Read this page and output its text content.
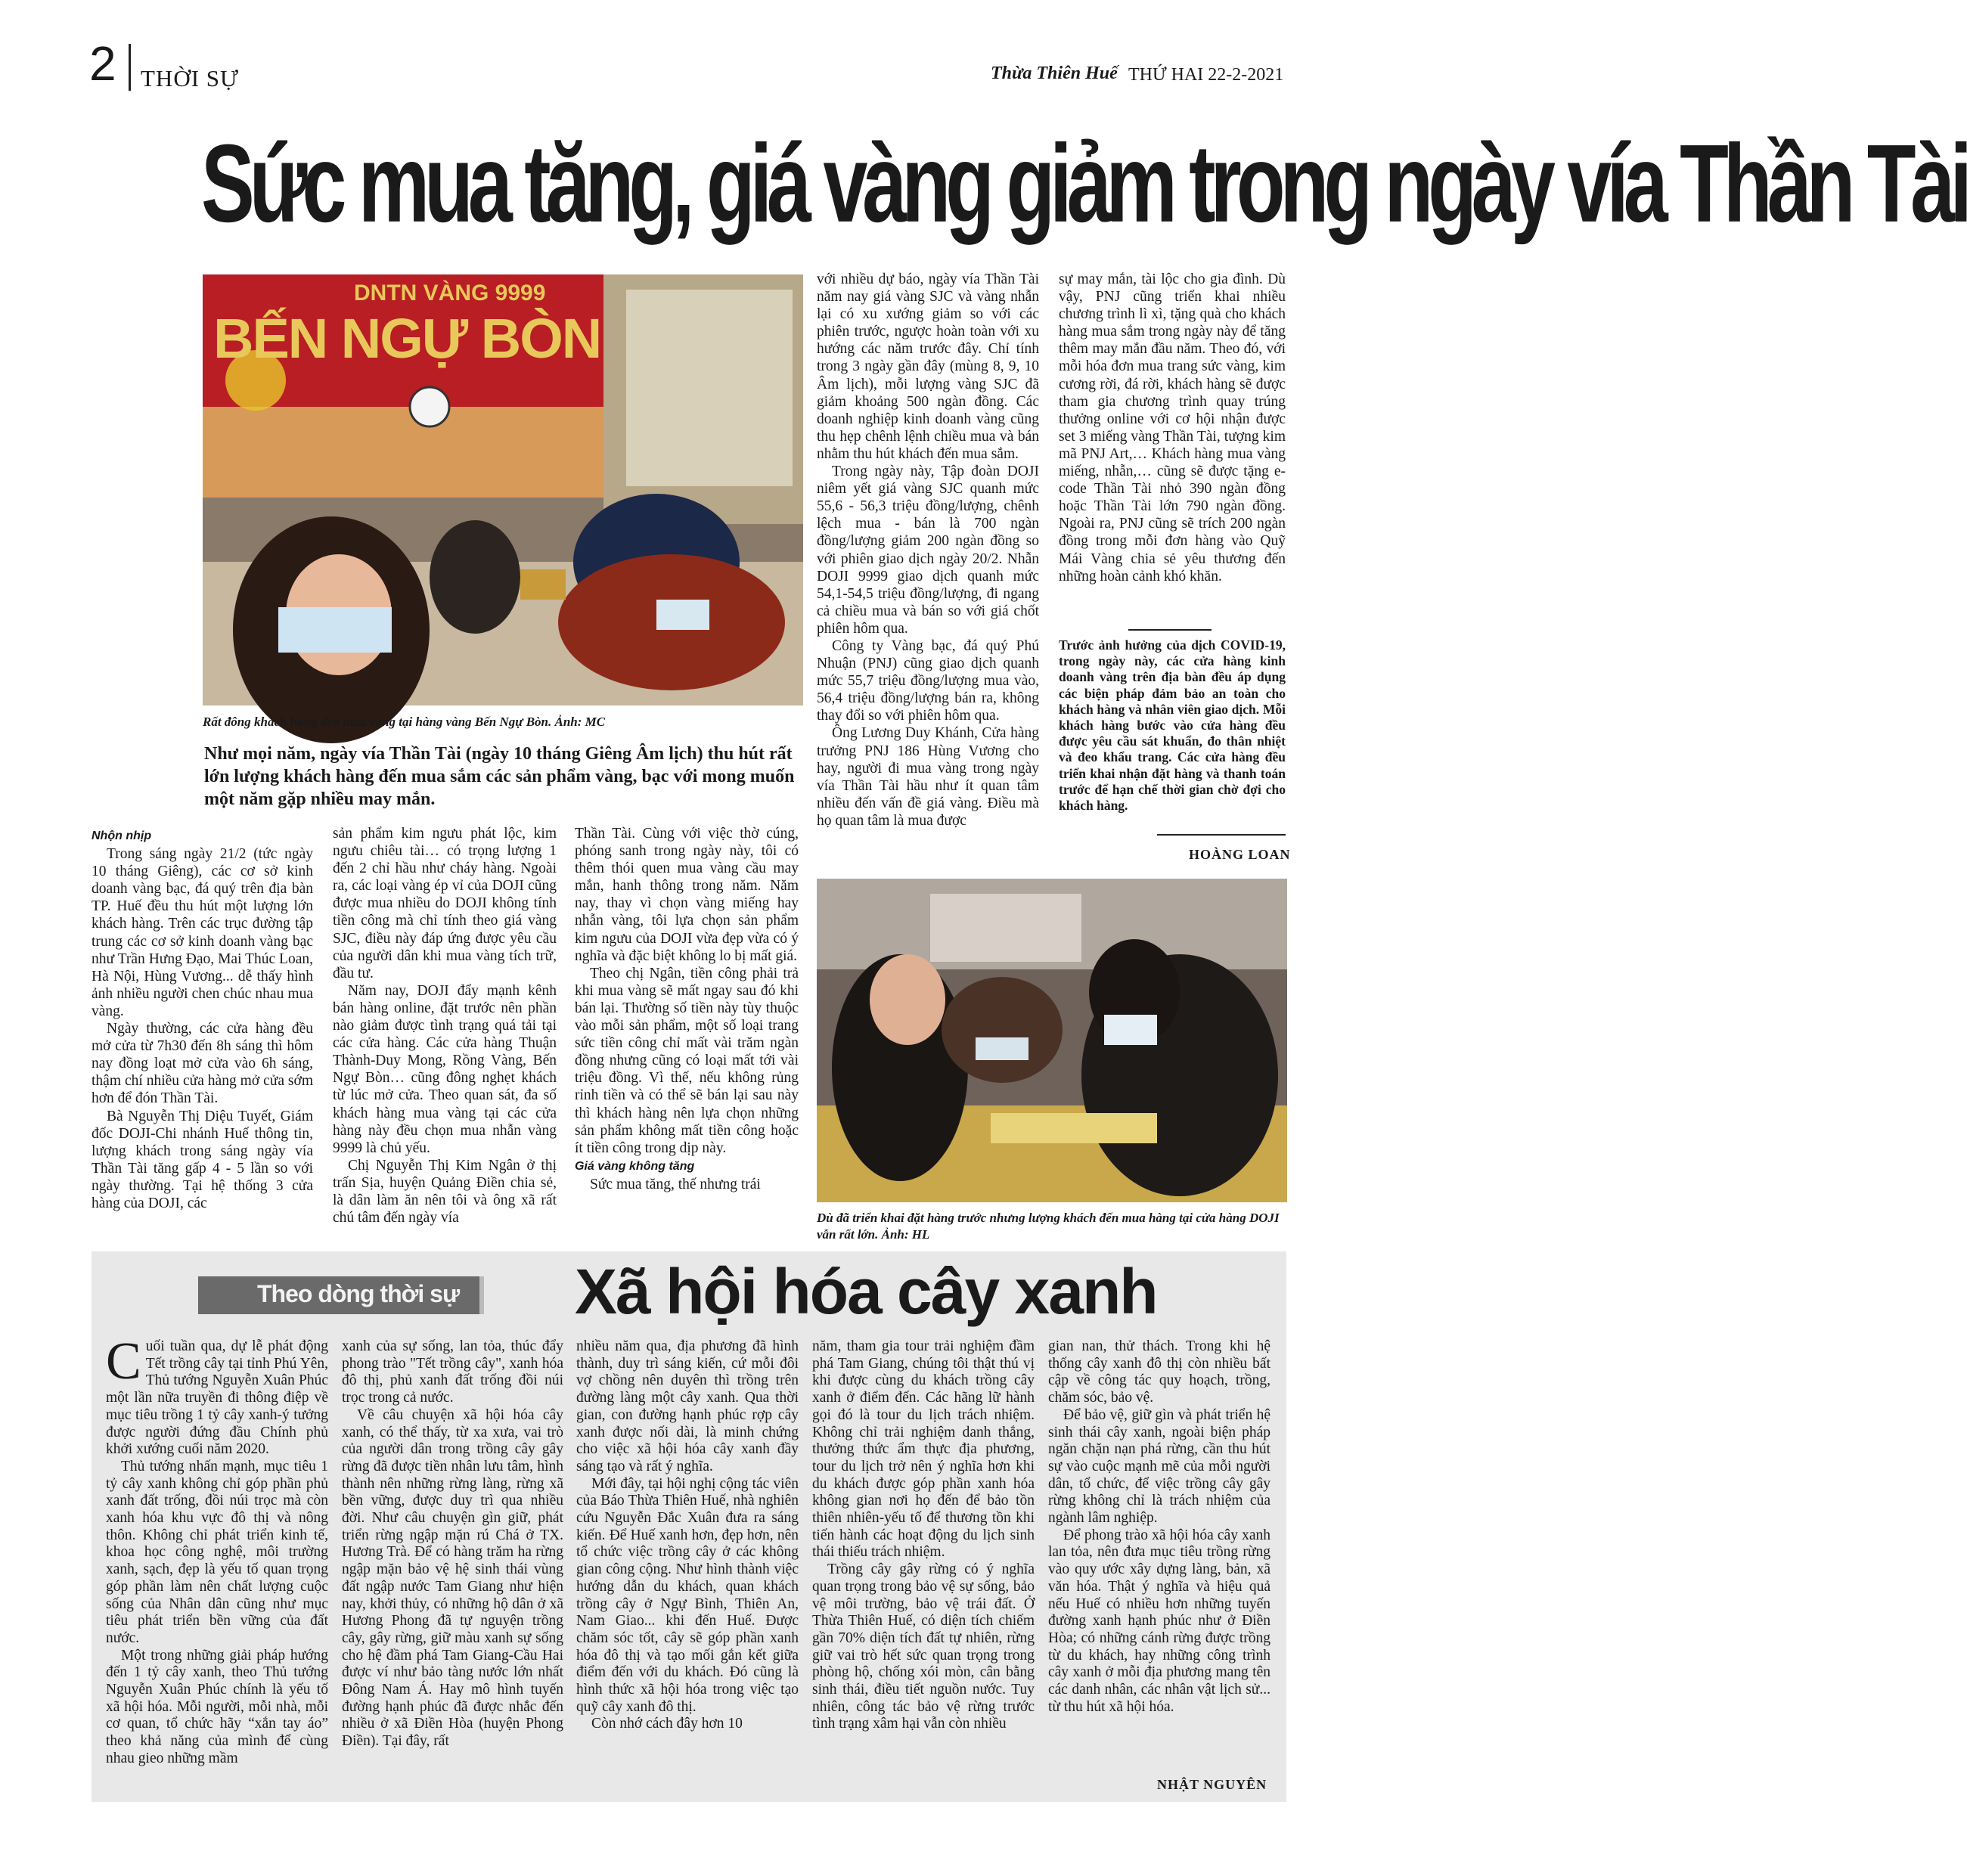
2 THỜI SỰ	Thừa Thiên Huế THỨ HAI 22-2-2021
Sức mua tăng, giá vàng giảm trong ngày vía Thần Tài
DNTN VÀNG 9999
BẾN NGỰ BÒN
Rất đông khách hàng đến mua vàng tại hàng vàng Bến Ngự Bòn. Ảnh: MC
Như mọi năm, ngày vía Thần Tài (ngày 10 tháng Giêng Âm lịch) thu hút rất lớn lượng khách hàng đến mua sắm các sản phẩm vàng, bạc với mong muốn một năm gặp nhiều may mắn.
Nhộn nhịp

Trong sáng ngày 21/2 (tức ngày 10 tháng Giêng), các cơ sở kinh doanh vàng bạc, đá quý trên địa bàn TP. Huế đều thu hút một lượng lớn khách hàng. Trên các trục đường tập trung các cơ sở kinh doanh vàng bạc như Trần Hưng Đạo, Mai Thúc Loan, Hà Nội, Hùng Vương... dễ thấy hình ảnh nhiều người chen chúc nhau mua vàng.

Ngày thường, các cửa hàng đều mở cửa từ 7h30 đến 8h sáng thì hôm nay đồng loạt mở cửa vào 6h sáng, thậm chí nhiều cửa hàng mở cửa sớm hơn để đón Thần Tài.

Bà Nguyễn Thị Diệu Tuyết, Giám đốc DOJI-Chi nhánh Huế thông tin, lượng khách trong sáng ngày vía Thần Tài tăng gấp 4 - 5 lần so với ngày thường. Tại hệ thống 3 cửa hàng của DOJI, các

sản phẩm kim ngưu phát lộc, kim ngưu chiêu tài… có trọng lượng 1 đến 2 chỉ hầu như cháy hàng. Ngoài ra, các loại vàng ép vỉ của DOJI cũng được mua nhiều do DOJI không tính tiền công mà chỉ tính theo giá vàng SJC, điều này đáp ứng được yêu cầu của người dân khi mua vàng tích trữ, đầu tư.

Năm nay, DOJI đẩy mạnh kênh bán hàng online, đặt trước nên phần nào giảm được tình trạng quá tải tại các cửa hàng. Các cửa hàng Thuận Thành-Duy Mong, Rồng Vàng, Bến Ngự Bòn… cũng đông nghẹt khách từ lúc mở cửa. Theo quan sát, đa số khách hàng mua vàng tại các cửa hàng này đều chọn mua nhẫn vàng 9999 là chủ yếu.

Chị Nguyễn Thị Kim Ngân ở thị trấn Sịa, huyện Quảng Điền chia sẻ, là dân làm ăn nên tôi và ông xã rất chú tâm đến ngày vía

Thần Tài. Cùng với việc thờ cúng, phóng sanh trong ngày này, tôi có thêm thói quen mua vàng cầu may mắn, hanh thông trong năm. Năm nay, thay vì chọn vàng miếng hay nhẫn vàng, tôi lựa chọn sản phẩm kim ngưu của DOJI vừa đẹp vừa có ý nghĩa và đặc biệt không lo bị mất giá.

Theo chị Ngân, tiền công phải trả khi mua vàng sẽ mất ngay sau đó khi bán lại. Thường số tiền này tùy thuộc vào mỗi sản phẩm, một số loại trang sức tiền công chỉ mất vài trăm ngàn đồng nhưng cũng có loại mất tới vài triệu đồng. Vì thế, nếu không rủng rỉnh tiền và có thể sẽ bán lại sau này thì khách hàng nên lựa chọn những sản phẩm không mất tiền công hoặc ít tiền công trong dịp này.

Giá vàng không tăng

Sức mua tăng, thế nhưng trái

với nhiều dự báo, ngày vía Thần Tài năm nay giá vàng SJC và vàng nhẫn lại có xu xướng giảm so với các phiên trước, ngược hoàn toàn với xu hướng các năm trước đây. Chỉ tính trong 3 ngày gần đây (mùng 8, 9, 10 Âm lịch), mỗi lượng vàng SJC đã giảm khoảng 500 ngàn đồng. Các doanh nghiệp kinh doanh vàng cũng thu hẹp chênh lệnh chiều mua và bán nhằm thu hút khách đến mua sắm.

Trong ngày này, Tập đoàn DOJI niêm yết giá vàng SJC quanh mức 55,6 - 56,3 triệu đồng/lượng, chênh lệch mua - bán là 700 ngàn đồng/lượng giảm 200 ngàn đồng so với phiên giao dịch ngày 20/2. Nhẫn DOJI 9999 giao dịch quanh mức 54,1-54,5 triệu đồng/lượng, đi ngang cả chiều mua và bán so với giá chốt phiên hôm qua.

Công ty Vàng bạc, đá quý Phú Nhuận (PNJ) cũng giao dịch quanh mức 55,7 triệu đồng/lượng mua vào, 56,4 triệu đồng/lượng bán ra, không thay đổi so với phiên hôm qua.

Ông Lương Duy Khánh, Cửa hàng trưởng PNJ 186 Hùng Vương cho hay, người đi mua vàng trong ngày vía Thần Tài hầu như ít quan tâm nhiều đến vấn đề giá vàng. Điều mà họ quan tâm là mua được

sự may mắn, tài lộc cho gia đình. Dù vậy, PNJ cũng triển khai nhiều chương trình lì xì, tặng quà cho khách hàng mua sắm trong ngày này để tăng thêm may mắn đầu năm. Theo đó, với mỗi hóa đơn mua trang sức vàng, kim cương rời, đá rời, khách hàng sẽ được tham gia chương trình quay trúng thưởng online với cơ hội nhận được set 3 miếng vàng Thần Tài, tượng kim mã PNJ Art,… Khách hàng mua vàng miếng, nhẫn,… cũng sẽ được tặng e-code Thần Tài nhỏ 390 ngàn đồng hoặc Thần Tài lớn 790 ngàn đồng. Ngoài ra, PNJ cũng sẽ trích 200 ngàn đồng trong mỗi đơn hàng vào Quỹ Mái Vàng chia sẻ yêu thương đến những hoàn cảnh khó khăn.

Trước ảnh hưởng của dịch COVID-19, trong ngày này, các cửa hàng kinh doanh vàng trên địa bàn đều áp dụng các biện pháp đảm bảo an toàn cho khách hàng và nhân viên giao dịch. Mỗi khách hàng bước vào cửa hàng đều được yêu cầu sát khuẩn, đo thân nhiệt và đeo khẩu trang. Các cửa hàng đều triển khai nhận đặt hàng và thanh toán trước để hạn chế thời gian chờ đợi cho khách hàng.
HOÀNG LOAN
Dù đã triển khai đặt hàng trước nhưng lượng khách đến mua hàng tại cửa hàng DOJI vẫn rất lớn. Ảnh: HL
Theo dòng thời sự Xã hội hóa cây xanh

Cuối tuần qua, dự lễ phát động Tết trồng cây tại tỉnh Phú Yên, Thủ tướng Nguyễn Xuân Phúc một lần nữa truyền đi thông điệp về mục tiêu trồng 1 tỷ cây xanh-ý tưởng được người đứng đầu Chính phủ khởi xướng cuối năm 2020.

Thủ tướng nhấn mạnh, mục tiêu 1 tỷ cây xanh không chỉ góp phần phủ xanh đất trống, đồi núi trọc mà còn xanh hóa khu vực đô thị và nông thôn. Không chỉ phát triển kinh tế, khoa học công nghệ, môi trường xanh, sạch, đẹp là yếu tố quan trọng góp phần làm nên chất lượng cuộc sống của Nhân dân cũng như mục tiêu phát triển bền vững của đất nước.

Một trong những giải pháp hướng đến 1 tỷ cây xanh, theo Thủ tướng Nguyễn Xuân Phúc chính là yếu tố xã hội hóa. Mỗi người, mỗi nhà, mỗi cơ quan, tổ chức hãy “xắn tay áo” theo khả năng của mình để cùng nhau gieo những mầm

xanh của sự sống, lan tỏa, thúc đẩy phong trào "Tết trồng cây", xanh hóa đô thị, phủ xanh đất trống đồi núi trọc trong cả nước.

Về câu chuyện xã hội hóa cây xanh, có thể thấy, từ xa xưa, vai trò của người dân trong trồng cây gây rừng đã được tiền nhân lưu tâm, hình thành nên những rừng làng, rừng xã bền vững, được duy trì qua nhiều đời. Như câu chuyện gìn giữ, phát triển rừng ngập mặn rú Chá ở TX. Hương Trà. Để có hàng trăm ha rừng ngập mặn bảo vệ hệ sinh thái vùng đất ngập nước Tam Giang như hiện nay, khởi thủy, có những hộ dân ở xã Hương Phong đã tự nguyện trồng cây, gây rừng, giữ màu xanh sự sống cho hệ đầm phá Tam Giang-Cầu Hai được ví như bảo tàng nước lớn nhất Đông Nam Á. Hay mô hình tuyến đường hạnh phúc đã được nhắc đến nhiều ở xã Điền Hòa (huyện Phong Điền). Tại đây, rất

nhiều năm qua, địa phương đã hình thành, duy trì sáng kiến, cứ mỗi đôi vợ chồng nên duyên thì trồng trên đường làng một cây xanh. Qua thời gian, con đường hạnh phúc rợp cây xanh được nối dài, là minh chứng cho việc xã hội hóa cây xanh đầy sáng tạo và rất ý nghĩa.

Mới đây, tại hội nghị cộng tác viên của Báo Thừa Thiên Huế, nhà nghiên cứu Nguyễn Đắc Xuân đưa ra sáng kiến. Để Huế xanh hơn, đẹp hơn, nên tổ chức việc trồng cây ở các không gian công cộng. Như hình thành việc hướng dẫn du khách, quan khách trồng cây ở Ngự Bình, Thiên An, Nam Giao... khi đến Huế. Được chăm sóc tốt, cây sẽ góp phần xanh hóa đô thị và tạo mối gắn kết giữa điểm đến với du khách. Đó cũng là hình thức xã hội hóa trong việc tạo quỹ cây xanh đô thị.

Còn nhớ cách đây hơn 10

năm, tham gia tour trải nghiệm đầm phá Tam Giang, chúng tôi thật thú vị khi được cùng du khách trồng cây xanh ở điểm đến. Các hãng lữ hành gọi đó là tour du lịch trách nhiệm. Không chỉ trải nghiệm danh thắng, thưởng thức ẩm thực địa phương, tour du lịch trở nên ý nghĩa hơn khi du khách được góp phần xanh hóa không gian nơi họ đến để bảo tồn thiên nhiên-yếu tố để thương tồn khi tiến hành các hoạt động du lịch sinh thái thiếu trách nhiệm.

Trồng cây gây rừng có ý nghĩa quan trọng trong bảo vệ sự sống, bảo vệ môi trường, bảo vệ trái đất. Ở Thừa Thiên Huế, có diện tích chiếm gần 70% diện tích đất tự nhiên, rừng giữ vai trò hết sức quan trọng trong phòng hộ, chống xói mòn, cân bằng sinh thái, điều tiết nguồn nước. Tuy nhiên, công tác bảo vệ rừng trước tình trạng xâm hại vẫn còn nhiều

gian nan, thử thách. Trong khi hệ thống cây xanh đô thị còn nhiều bất cập về công tác quy hoạch, trồng, chăm sóc, bảo vệ.

Để bảo vệ, giữ gìn và phát triển hệ sinh thái cây xanh, ngoài biện pháp ngăn chặn nạn phá rừng, cần thu hút sự vào cuộc mạnh mẽ của mỗi người dân, tổ chức, để việc trồng cây gây rừng không chỉ là trách nhiệm của ngành lâm nghiệp.

Để phong trào xã hội hóa cây xanh lan tỏa, nên đưa mục tiêu trồng rừng vào quy ước xây dựng làng, bản, xã văn hóa. Thật ý nghĩa và hiệu quả nếu Huế có nhiều hơn những tuyến đường xanh hạnh phúc như ở Điền Hòa; có những cánh rừng được trồng từ du khách, hay những công trình cây xanh ở mỗi địa phương mang tên các danh nhân, các nhân vật lịch sử... từ thu hút xã hội hóa.

NHẬT NGUYÊN
